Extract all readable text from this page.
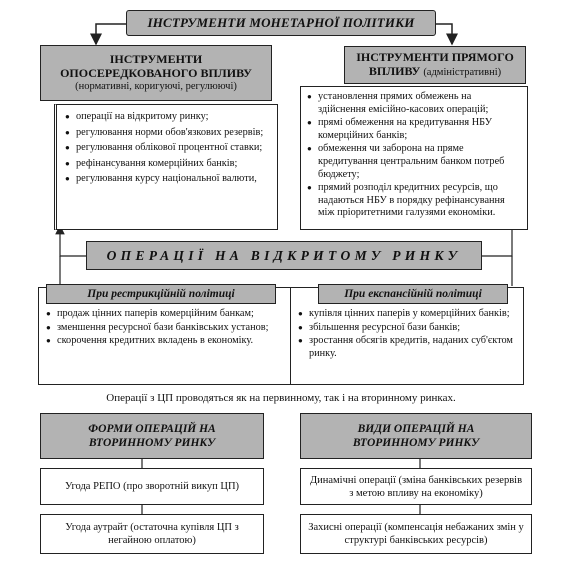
ІНСТРУМЕНТИ МОНЕТАРНОЇ ПОЛІТИКИ
ІНСТРУМЕНТИ
ОПОСЕРЕДКОВАНОГО ВПЛИВУ
(нормативні, коригуючі, регулюючі)
● операції на відкритому ринку;
● регулювання норми обов'язкових резервів;
● регулювання облікової процентної ставки;
● рефінансування комерційних банків;
● регулювання курсу національної валюти,
ІНСТРУМЕНТИ ПРЯМОГО
ВПЛИВУ (адміністративні)
● установлення прямих обмежень на здійснення емісійно-касових операцій;
● прямі обмеження на кредитування НБУ комерційних банків;
● обмеження чи заборона на пряме кредитування центральним банком потреб бюджету;
● прямий розподіл кредитних ресурсів, що надаються НБУ в порядку рефінансування між пріоритетними галузями економіки.
ОПЕРАЦІЇ НА ВІДКРИТОМУ РИНКУ
При рестрикційній політиці
● продаж цінних паперів комерційним банкам;
● зменшення ресурсної бази банківських установ;
● скорочення кредитних вкладень в економіку.
При експансійній політиці
● купівля цінних паперів у комерційних банків;
● збільшення ресурсної бази банків;
● зростання обсягів кредитів, наданих суб'єктом ринку.
Операції з ЦП проводяться як на первинному, так і на вторинному ринках.
ФОРМИ ОПЕРАЦІЙ НА ВТОРИННОМУ РИНКУ
Угода РЕПО (про зворотній викуп ЦП)
Угода аутрайт (остаточна купівля ЦП з негайною оплатою)
ВИДИ ОПЕРАЦІЙ НА ВТОРИННОМУ РИНКУ
Динамічні операції (зміна банківських резервів з метою впливу на економіку)
Захисні операції (компенсація небажаних змін у структурі банківських ресурсів)
